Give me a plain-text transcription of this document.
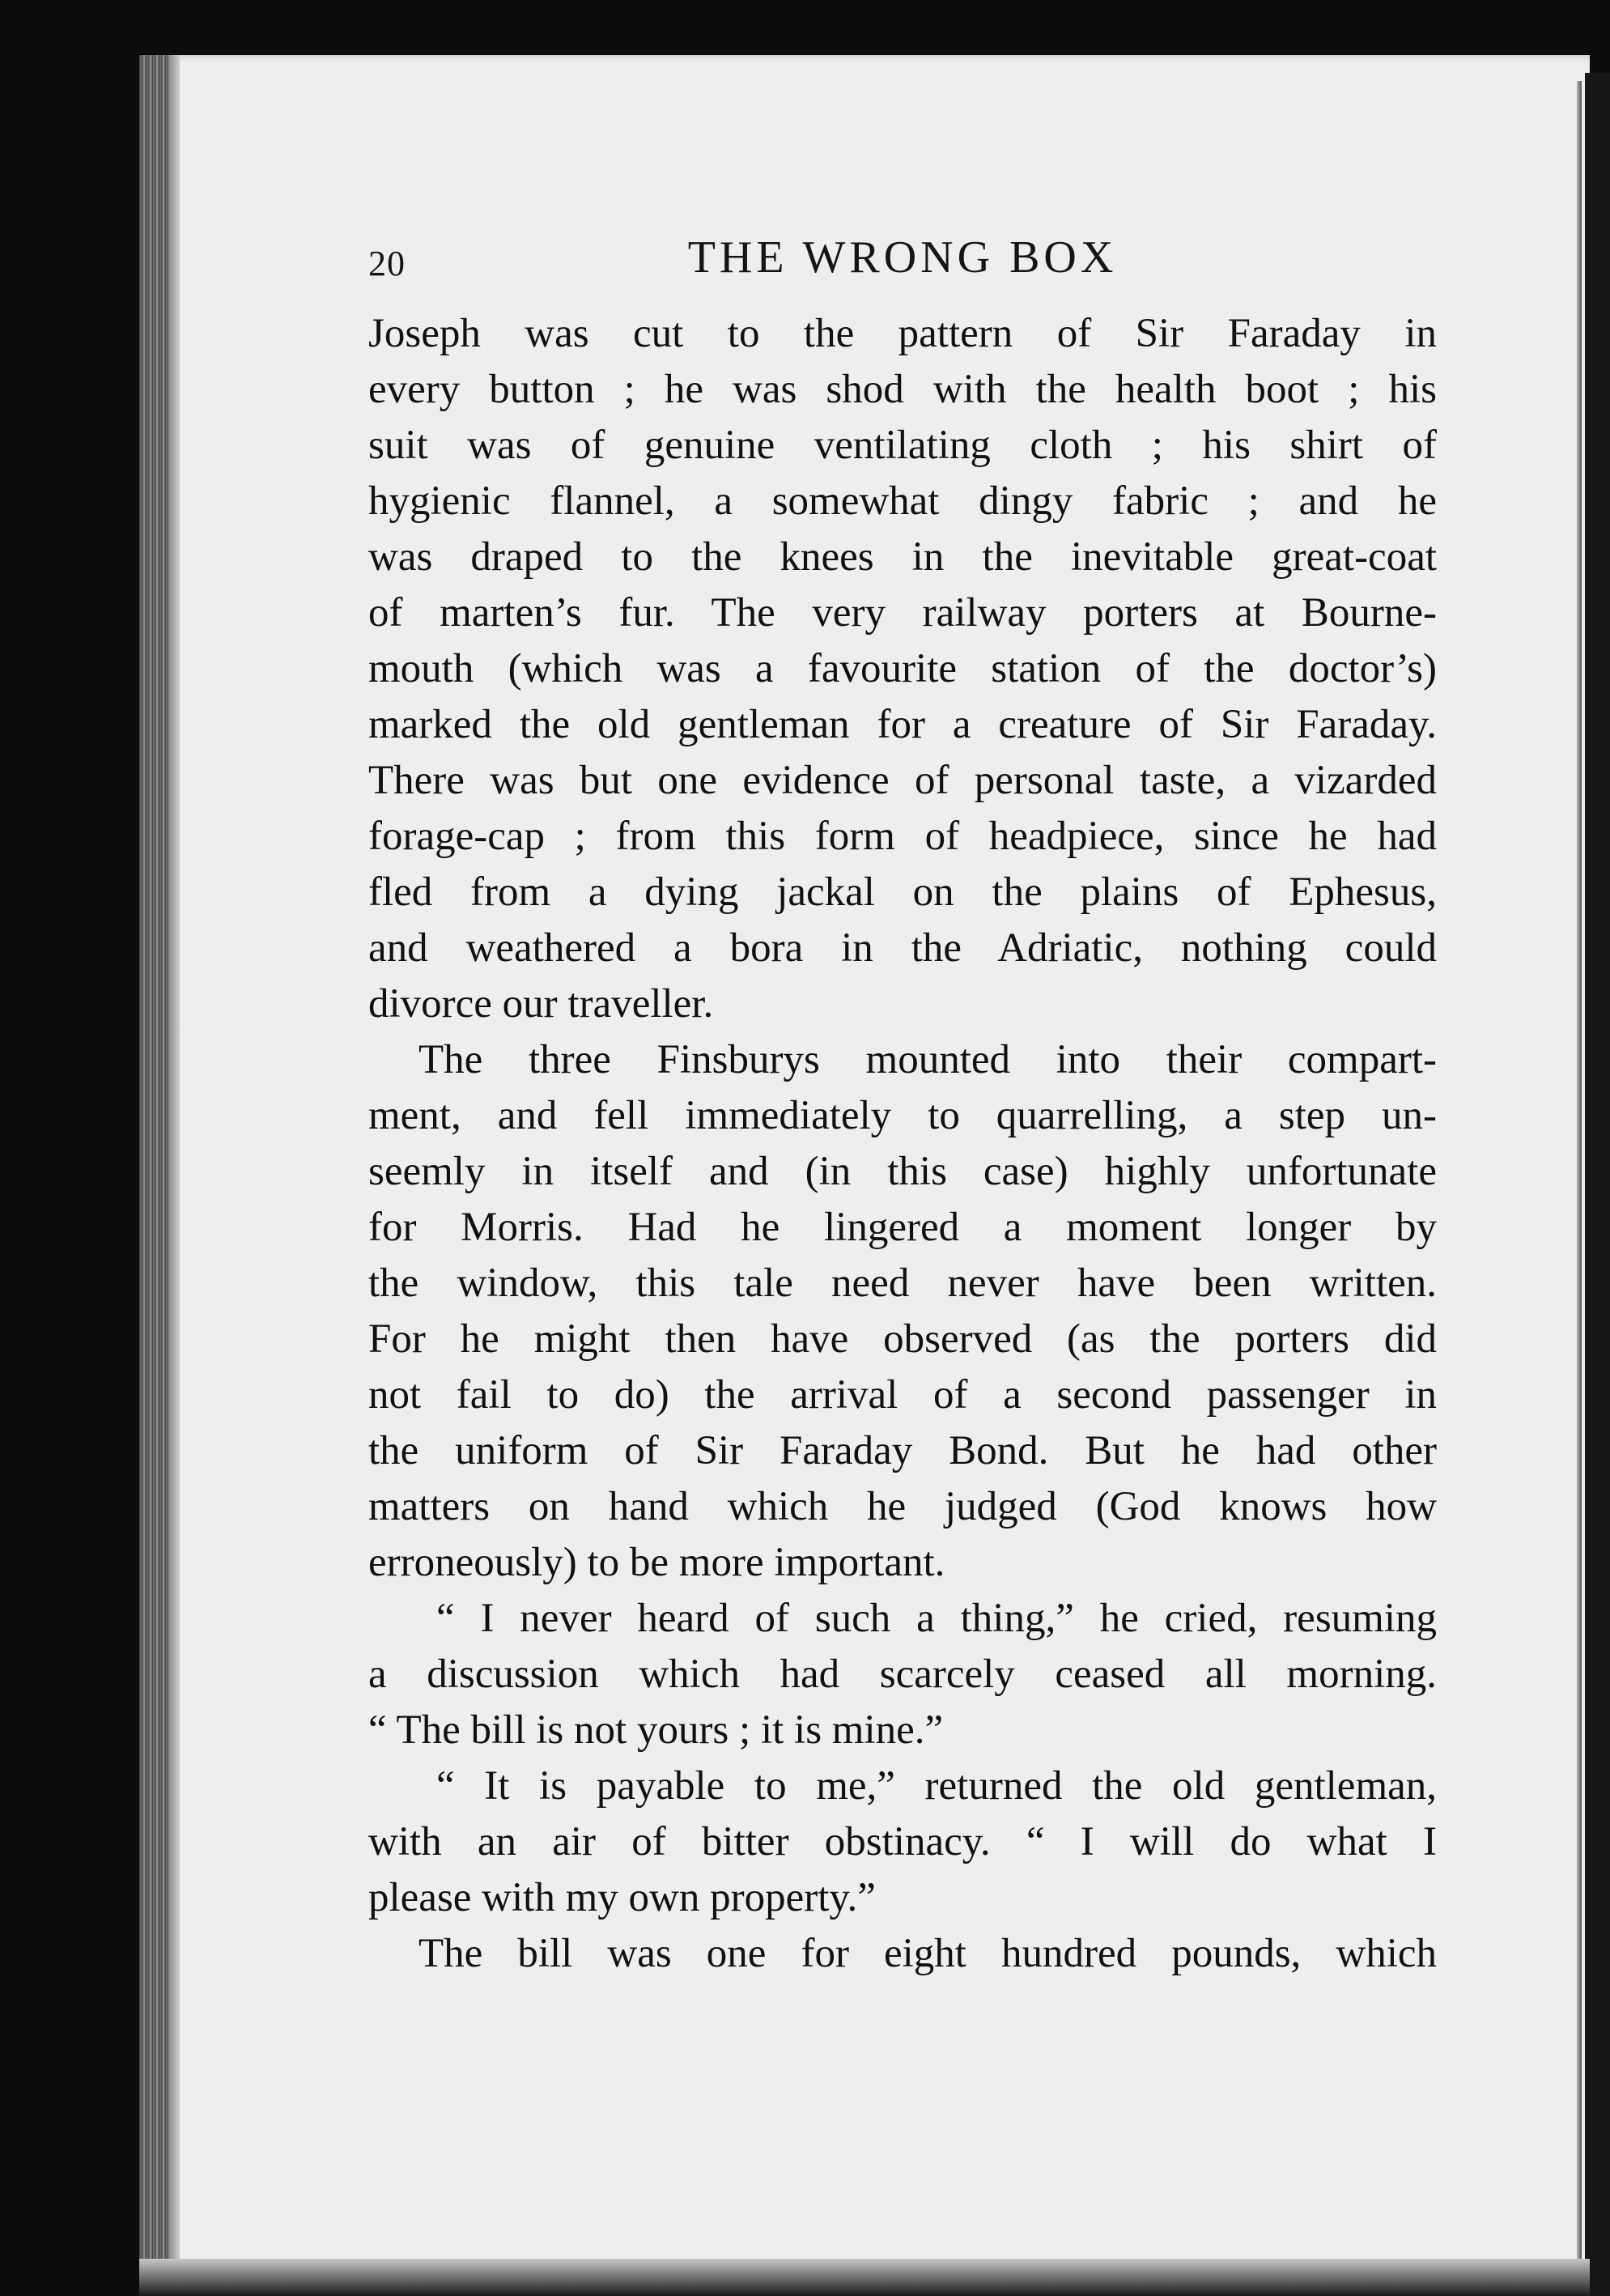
20	THE WRONG BOX
Joseph was cut to the pattern of Sir Faraday in
every button ; he was shod with the health boot ; his
suit was of genuine ventilating cloth ; his shirt of
hygienic flannel, a somewhat dingy fabric ; and he
was draped to the knees in the inevitable great-coat
of marten’s fur. The very railway porters at Bourne-
mouth (which was a favourite station of the doctor’s)
marked the old gentleman for a creature of Sir Faraday.
There was but one evidence of personal taste, a vizarded
forage-cap ; from this form of headpiece, since he had
fled from a dying jackal on the plains of Ephesus,
and weathered a bora in the Adriatic, nothing could
divorce our traveller.
The three Finsburys mounted into their compart-
ment, and fell immediately to quarrelling, a step un-
seemly in itself and (in this case) highly unfortunate
for Morris. Had he lingered a moment longer by
the window, this tale need never have been written.
For he might then have observed (as the porters did
not fail to do) the arrival of a second passenger in
the uniform of Sir Faraday Bond. But he had other
matters on hand which he judged (God knows how
erroneously) to be more important.
“ I never heard of such a thing,” he cried, resuming
a discussion which had scarcely ceased all morning.
“ The bill is not yours ; it is mine.”
“ It is payable to me,” returned the old gentleman,
with an air of bitter obstinacy. “ I will do what I
please with my own property.”
The bill was one for eight hundred pounds, which
